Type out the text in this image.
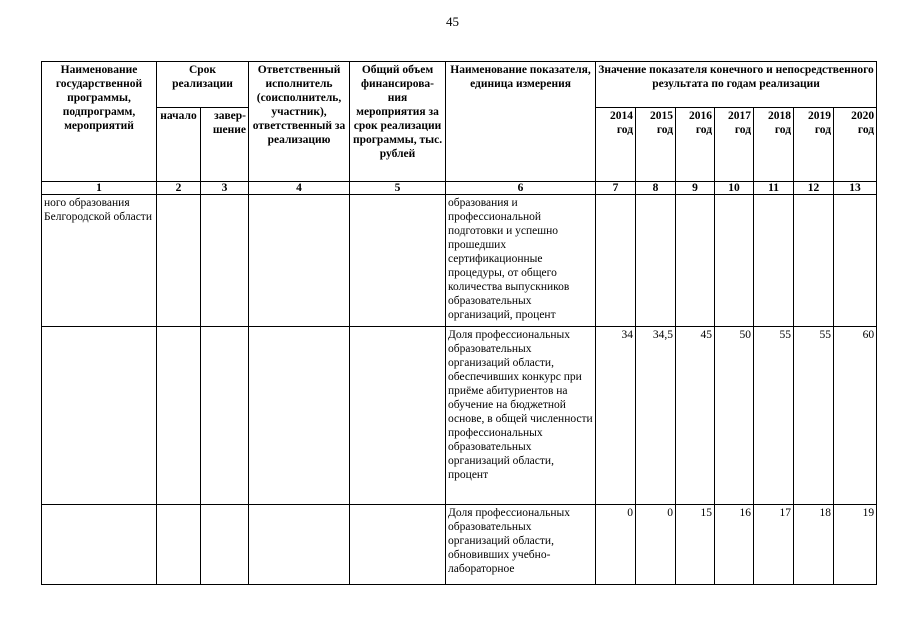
45
Наименование государственной программы, подпрограмм, мероприятий	Срок реализации		Ответственный исполнитель (соисполнитель, участник), ответственный за реализацию	Общий объем финансирова-ния мероприятия за срок реализации программы, тыс. рублей	Наименование показателя, единица измерения	Значение показателя конечного и непосредственного результата по годам реализации						
	начало	завер-шение				2014 год	2015 год	2016 год	2017 год	2018 год	2019 год	2020 год
1	2	3	4	5	6	7	8	9	10	11	12	13
ного образования Белгородской области					образования и профессиональной подготовки и успешно прошедших сертификационные процедуры, от общего количества выпускников образовательных организаций, процент							
					Доля профессиональных образовательных организаций области, обеспечивших конкурс при приёме абитуриентов на обучение на бюджетной основе, в общей численности профессиональных образовательных организаций области, процент	34	34,5	45	50	55	55	60
					Доля профессиональных образовательных организаций области, обновивших учебно-лабораторное	0	0	15	16	17	18	19
